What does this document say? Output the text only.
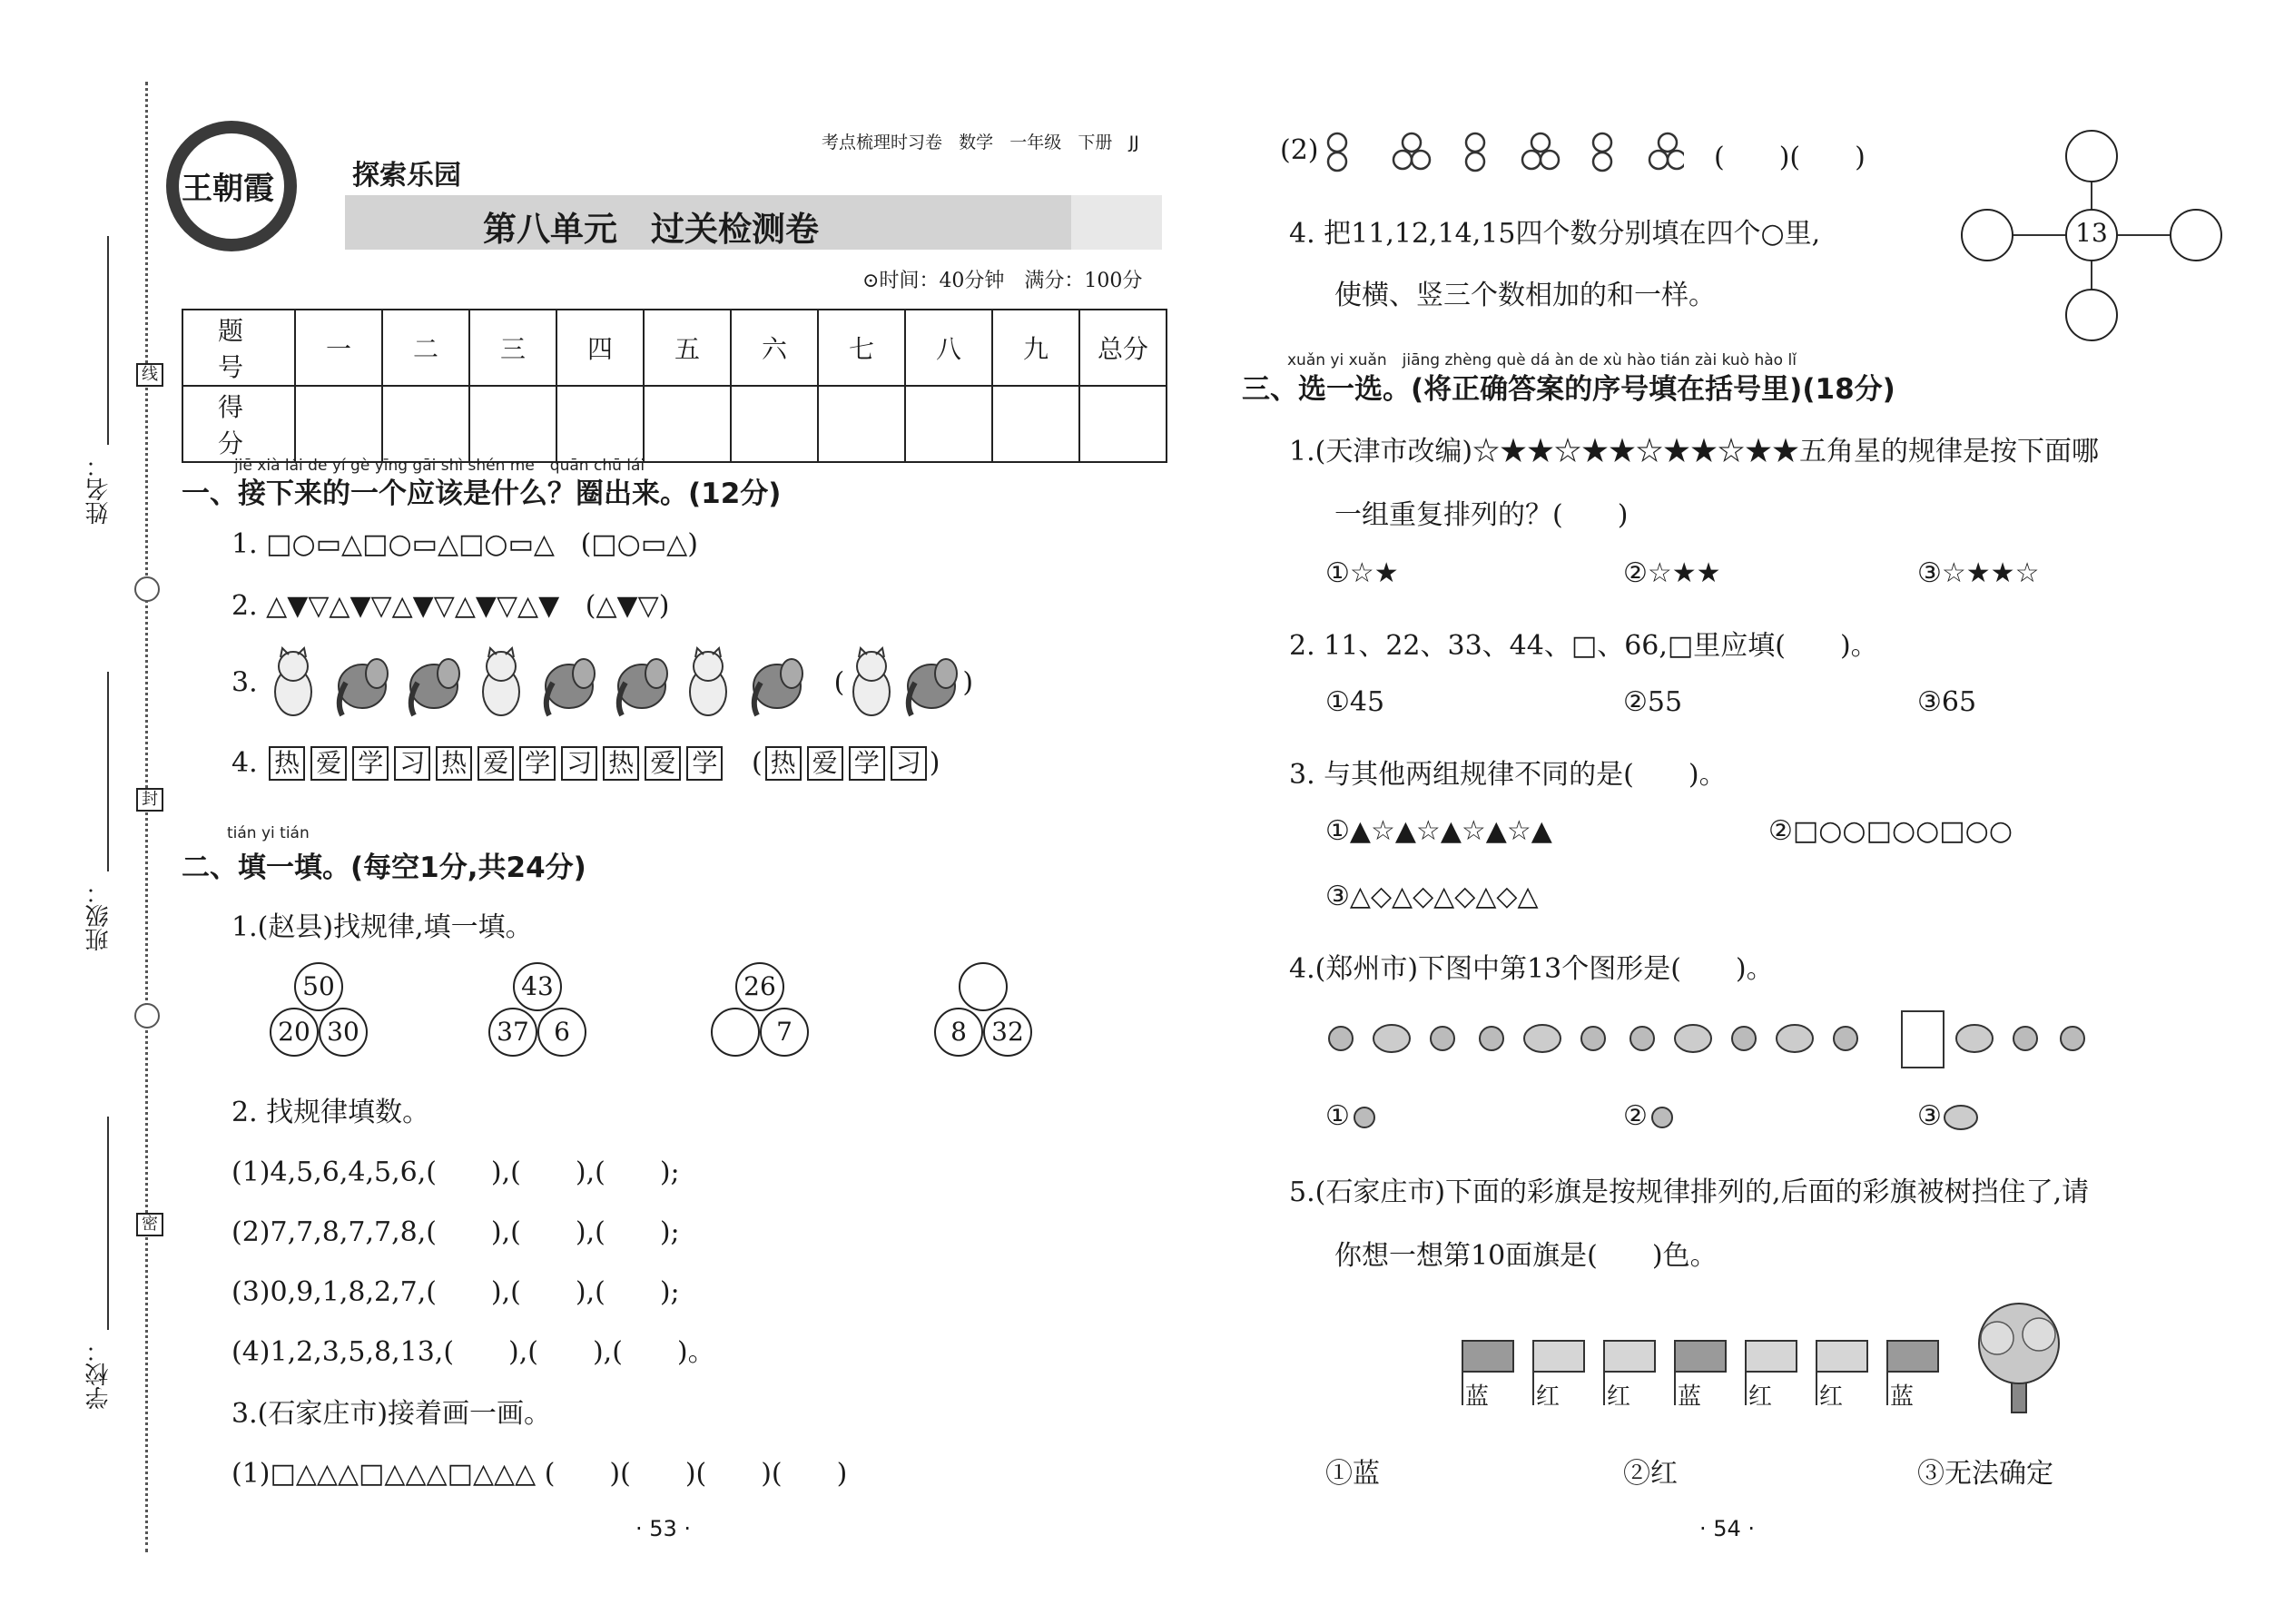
姓名：
班级：
学校：
线
封
密
王朝霞	探索乐园
考点梳理时习卷 数学 一年级 下册 JJ
第八单元　过关检测卷
⊙时间：40分钟　满分：100分
题　号	一	二	三	四	五	六	七	八	九	总分
得　分										
jiē xià lái de yí gè yīng gāi shì shén me　quān chū lái
一、接下来的一个应该是什么？圈出来。(12分)
1. □○▭△□○▭△□○▭△ (□○▭△)
2. △▼▽△▼▽△▼▽△▼▽△▼ (△▼▽)
3.	(	)
4. 热 爱 学 习 热 爱 学 习 热 爱 学   ( 热 爱 学 习 )
tián yi tián
二、填一填。(每空1分,共24分)
1.(赵县)找规律,填一填。
50
20 30
43
37 6
26
7	8 32
2. 找规律填数。
(1)4,5,6,4,5,6,(　　),(　　),(　　);
(2)7,7,8,7,7,8,(　　),(　　),(　　);
(3)0,9,1,8,2,7,(　　),(　　),(　　);
(4)1,2,3,5,8,13,(　　),(　　),(　　)。
3.(石家庄市)接着画一画。
(1)□△△△□△△△□△△△ (　　)(　　)(　　)(　　)
· 53 ·
(2)	(　　)(　　)
4. 把11,12,14,15四个数分别填在四个○里,
使横、竖三个数相加的和一样。
13
xuǎn yi xuǎn　jiāng zhèng què dá àn de xù hào tián zài kuò hào lǐ
三、选一选。(将正确答案的序号填在括号里)(18分)
1.(天津市改编)☆★★☆★★☆★★☆★★五角星的规律是按下面哪
一组重复排列的？(　　)
①☆★	②☆★★	③☆★★☆
2. 11、22、33、44、□、66,□里应填(　　)。
①45	②55	③65
3. 与其他两组规律不同的是(　　)。
①▲☆▲☆▲☆▲☆▲	②□○○□○○□○○
③△◇△◇△◇△◇△
4.(郑州市)下图中第13个图形是(　　)。
①	②	③
5.(石家庄市)下面的彩旗是按规律排列的,后面的彩旗被树挡住了,请
你想一想第10面旗是(　　)色。
蓝 红 红 蓝 红 红 蓝
①蓝	②红	③无法确定
· 54 ·
